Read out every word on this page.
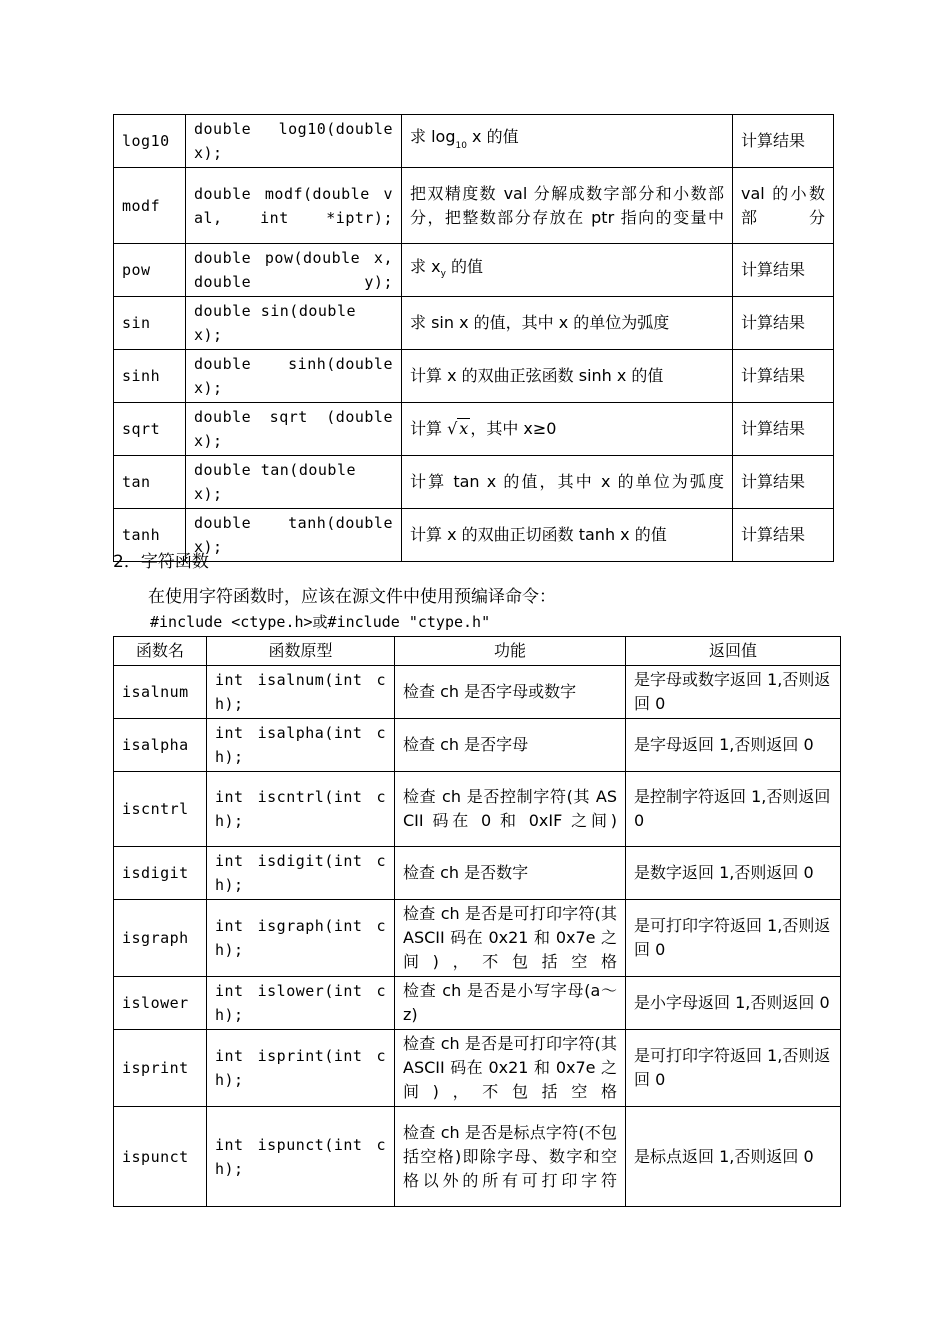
log10	double log10(double x);	求 $\log_{10} x$ 的值	计算结果
modf	double modf(double val, int *iptr);	把双精度数 val 分解成数字部分和小数部分，把整数部分存放在 ptr 指向的变量中	val 的小数部分
pow	double pow(double x, double y);	求 $x_y$ 的值	计算结果
sin	double sin(double x);	求 sin x 的值，其中 x 的单位为弧度	计算结果
sinh	double sinh(double x);	计算 x 的双曲正弦函数 sinh x 的值	计算结果
sqrt	double sqrt (double x);	计算 √ x ，其中 x≥0	计算结果
tan	double tan(double x);	计算 tan x 的值，其中 x 的单位为弧度	计算结果
tanh	double tanh(double x);	计算 x 的双曲正切函数 tanh x 的值	计算结果
2．字符函数
在使用字符函数时，应该在源文件中使用预编译命令：
#include <ctype.h>或#include "ctype.h"
函数名	函数原型	功能	返回值
isalnum	int isalnum(int ch);	检查 ch 是否字母或数字	是字母或数字返回 1,否则返回 0
isalpha	int isalpha(int ch);	检查 ch 是否字母	是字母返回 1,否则返回 0
iscntrl	int iscntrl(int ch);	检查 ch 是否控制字符(其 ASCII 码在 0 和 0xIF 之间)	是控制字符返回 1,否则返回 0
isdigit	int isdigit(int ch);	检查 ch 是否数字	是数字返回 1,否则返回 0
isgraph	int isgraph(int ch);	检查 ch 是否是可打印字符(其 ASCII 码在 0x21 和 0x7e 之间)，不包括空格	是可打印字符返回 1,否则返回 0
islower	int islower(int ch);	检查 ch 是否是小写字母(a～z)	是小字母返回 1,否则返回 0
isprint	int isprint(int ch);	检查 ch 是否是可打印字符(其 ASCII 码在 0x21 和 0x7e 之间)，不包括空格	是可打印字符返回 1,否则返回 0
ispunct	int ispunct(int ch);	检查 ch 是否是标点字符(不包括空格)即除字母、数字和空格以外的所有可打印字符	是标点返回 1,否则返回 0
